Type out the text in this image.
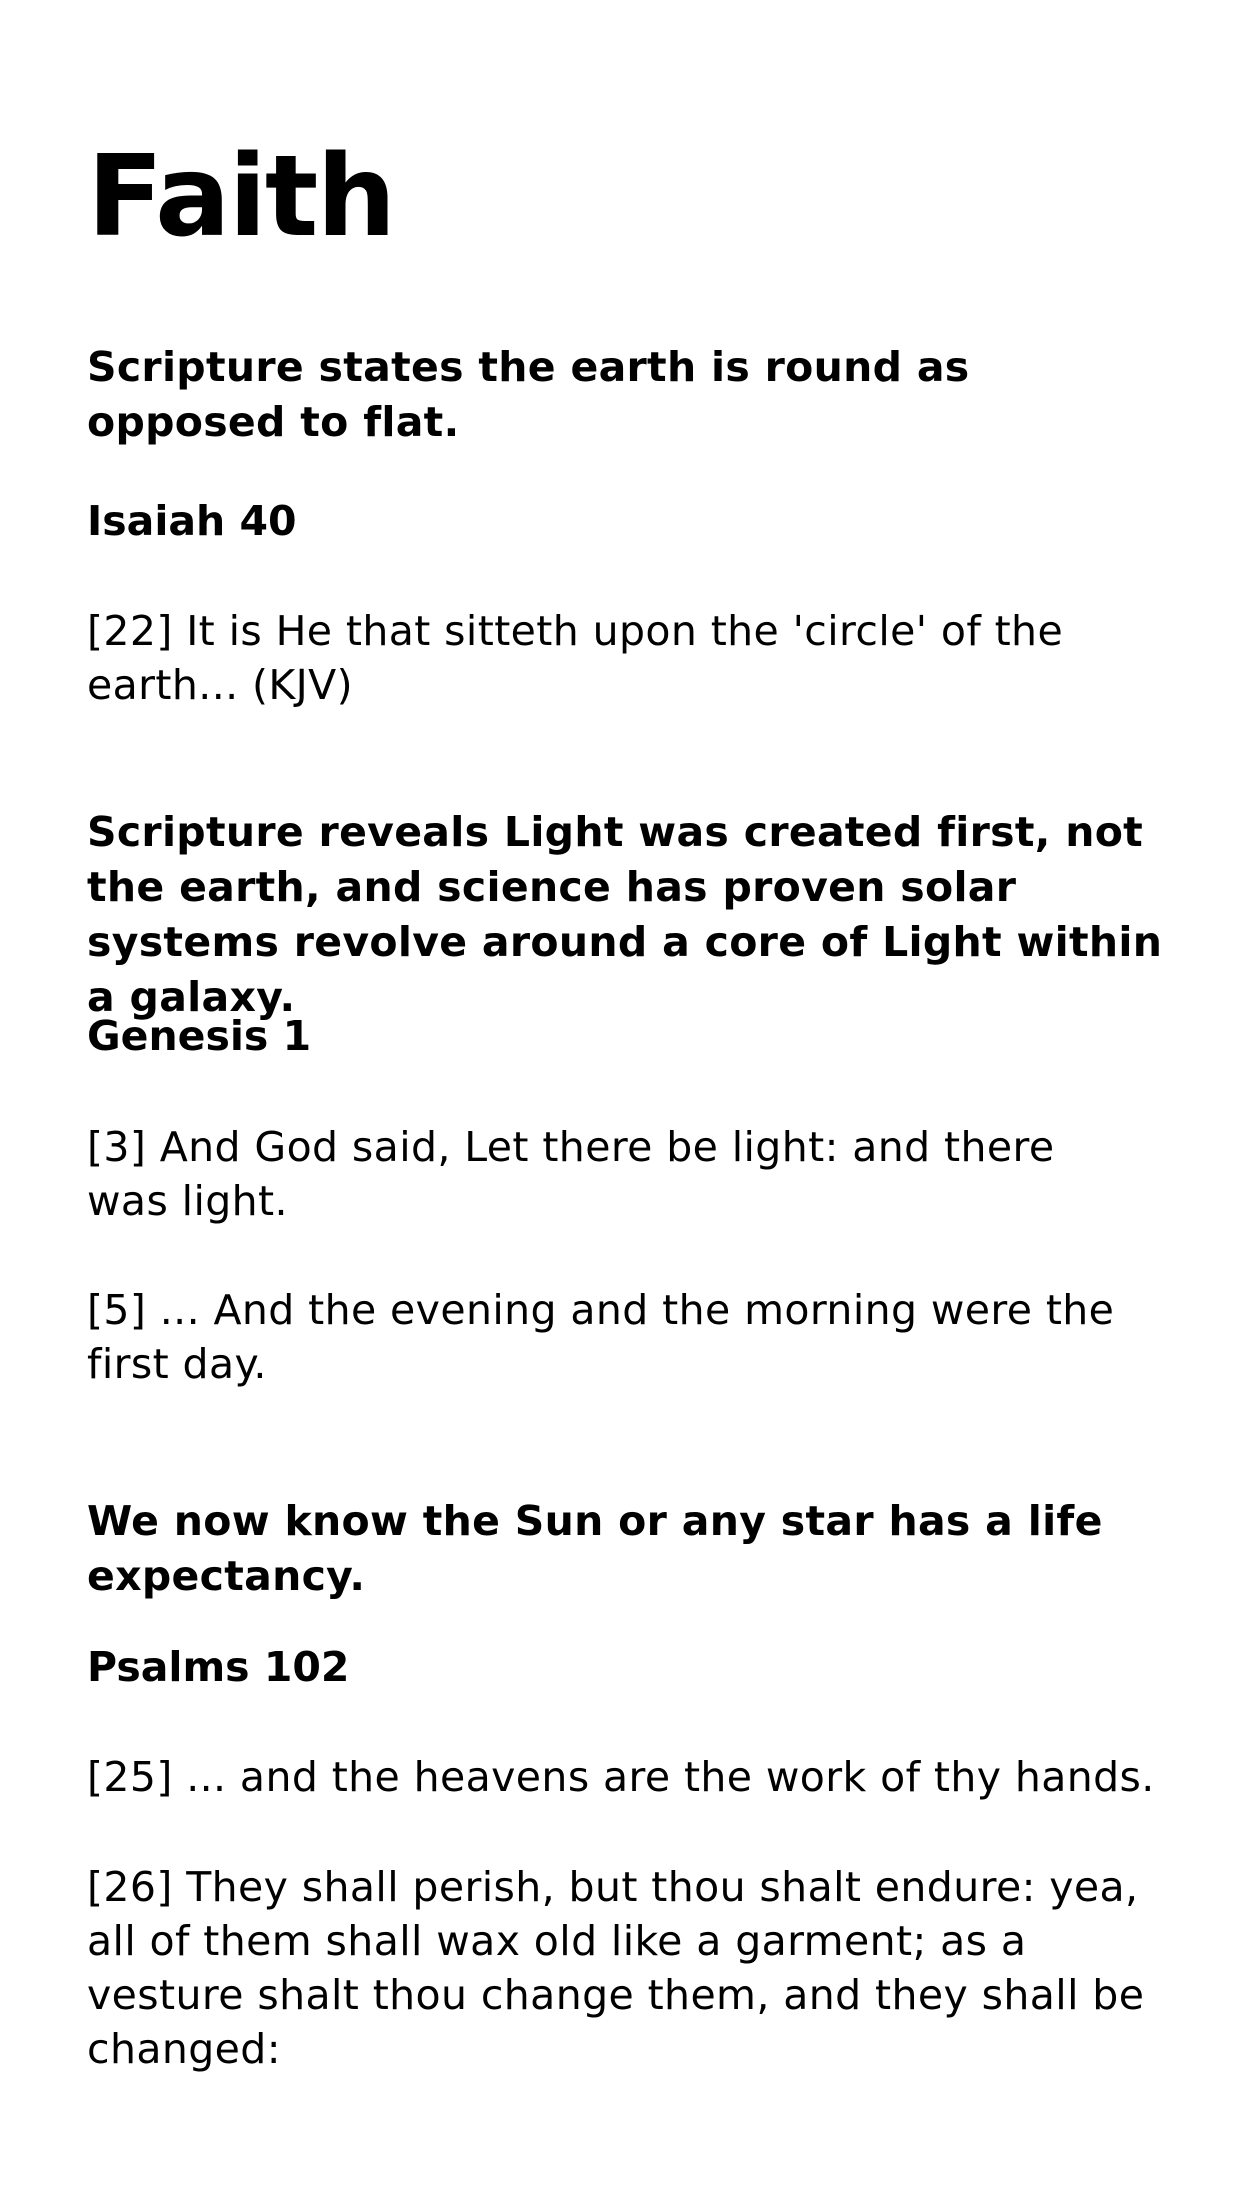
Faith

Scripture states the earth is round as opposed to flat.

Isaiah 40

[22] It is He that sitteth upon the 'circle' of the earth... (KJV)

Scripture reveals Light was created first, not the earth, and science has proven solar systems revolve around a core of Light within a galaxy.

Genesis 1

[3] And God said, Let there be light: and there was light.

[5] ... And the evening and the morning were the first day.

We now know the Sun or any star has a life expectancy.

Psalms 102

[25] ... and the heavens are the work of thy hands.

[26] They shall perish, but thou shalt endure: yea, all of them shall wax old like a garment; as a vesture shalt thou change them, and they shall be changed:
